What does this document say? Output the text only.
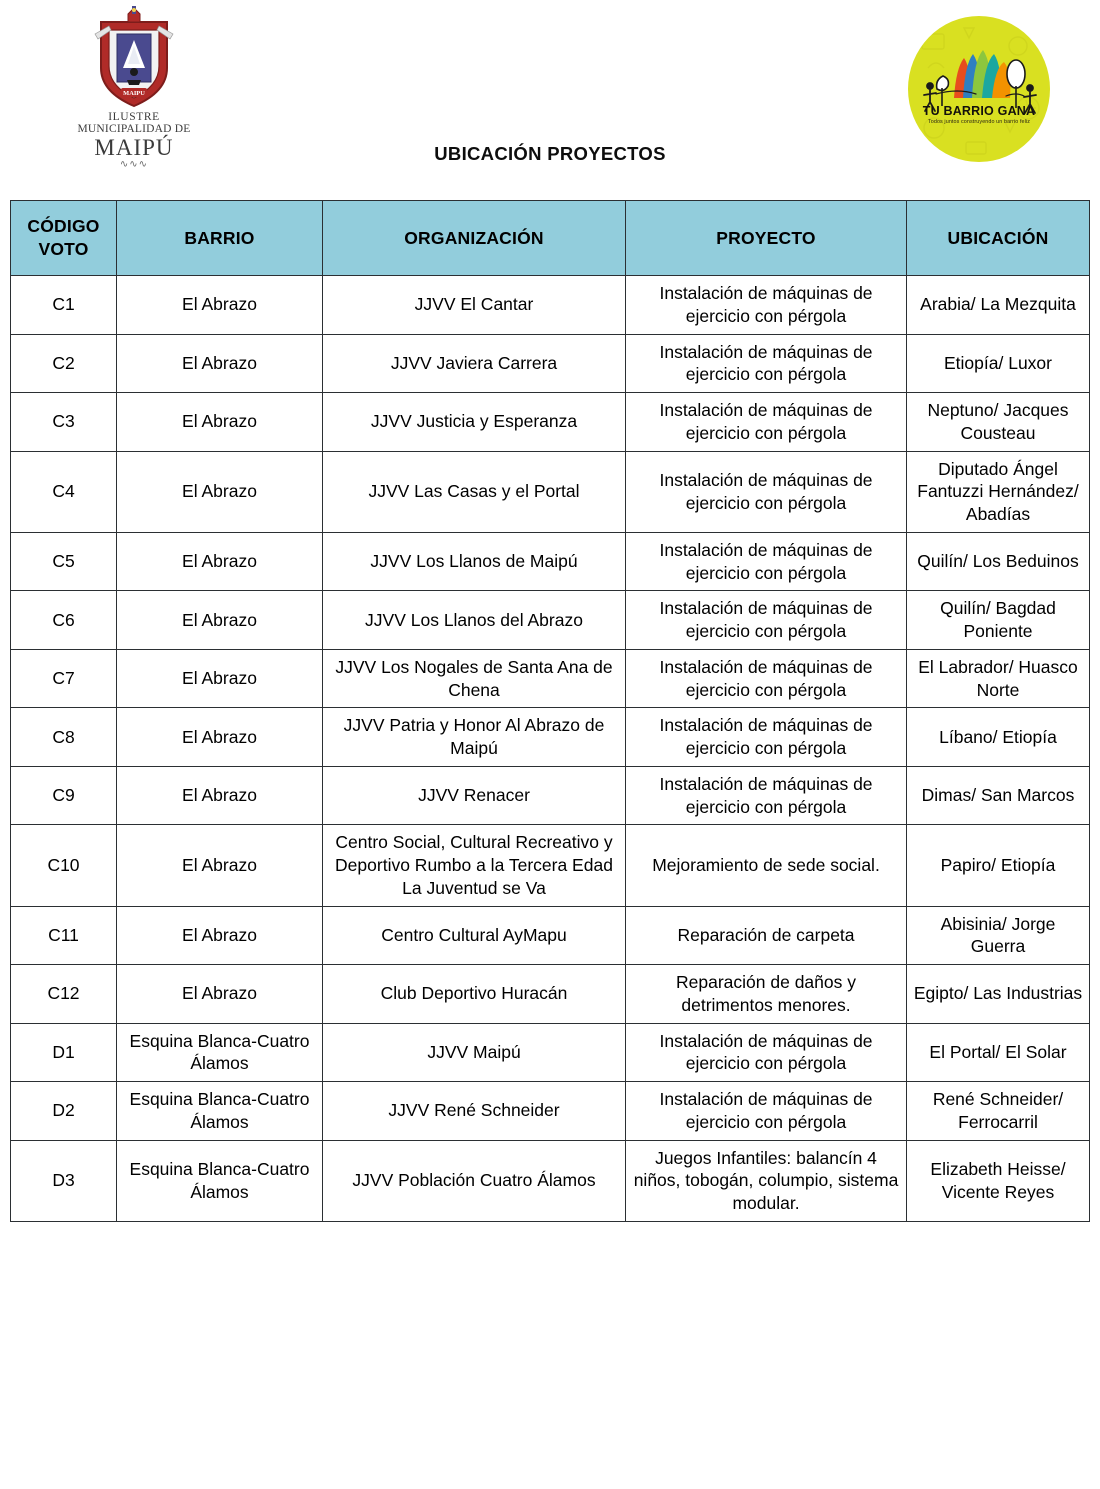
MAIPU
ILUSTRE
MUNICIPALIDAD DE
MAIPÚ
∿∿∿
TU BARRIO GANA
Todos juntos construyendo un barrio feliz
UBICACIÓN PROYECTOS
CÓDIGO
VOTO	BARRIO	ORGANIZACIÓN	PROYECTO	UBICACIÓN
C1	El Abrazo	JJVV El Cantar	Instalación de máquinas de ejercicio con pérgola	Arabia/ La Mezquita
C2	El Abrazo	JJVV Javiera Carrera	Instalación de máquinas de ejercicio con pérgola	Etiopía/ Luxor
C3	El Abrazo	JJVV Justicia y Esperanza	Instalación de máquinas de ejercicio con pérgola	Neptuno/ Jacques Cousteau
C4	El Abrazo	JJVV Las Casas y el Portal	Instalación de máquinas de ejercicio con pérgola	Diputado Ángel Fantuzzi Hernández/ Abadías
C5	El Abrazo	JJVV Los Llanos de Maipú	Instalación de máquinas de ejercicio con pérgola	Quilín/ Los Beduinos
C6	El Abrazo	JJVV Los Llanos del Abrazo	Instalación de máquinas de ejercicio con pérgola	Quilín/ Bagdad Poniente
C7	El Abrazo	JJVV Los Nogales de Santa Ana de Chena	Instalación de máquinas de ejercicio con pérgola	El Labrador/ Huasco Norte
C8	El Abrazo	JJVV Patria y Honor Al Abrazo de Maipú	Instalación de máquinas de ejercicio con pérgola	Líbano/ Etiopía
C9	El Abrazo	JJVV Renacer	Instalación de máquinas de ejercicio con pérgola	Dimas/ San Marcos
C10	El Abrazo	Centro Social, Cultural Recreativo y Deportivo Rumbo a la Tercera Edad La Juventud se Va	Mejoramiento de sede social.	Papiro/ Etiopía
C11	El Abrazo	Centro Cultural AyMapu	Reparación de carpeta	Abisinia/ Jorge Guerra
C12	El Abrazo	Club Deportivo Huracán	Reparación de daños y detrimentos menores.	Egipto/ Las Industrias
D1	Esquina Blanca-Cuatro Álamos	JJVV Maipú	Instalación de máquinas de ejercicio con pérgola	El Portal/ El Solar
D2	Esquina Blanca-Cuatro Álamos	JJVV René Schneider	Instalación de máquinas de ejercicio con pérgola	René Schneider/ Ferrocarril
D3	Esquina Blanca-Cuatro Álamos	JJVV Población Cuatro Álamos	Juegos Infantiles: balancín 4 niños, tobogán, columpio, sistema modular.	Elizabeth Heisse/ Vicente Reyes
